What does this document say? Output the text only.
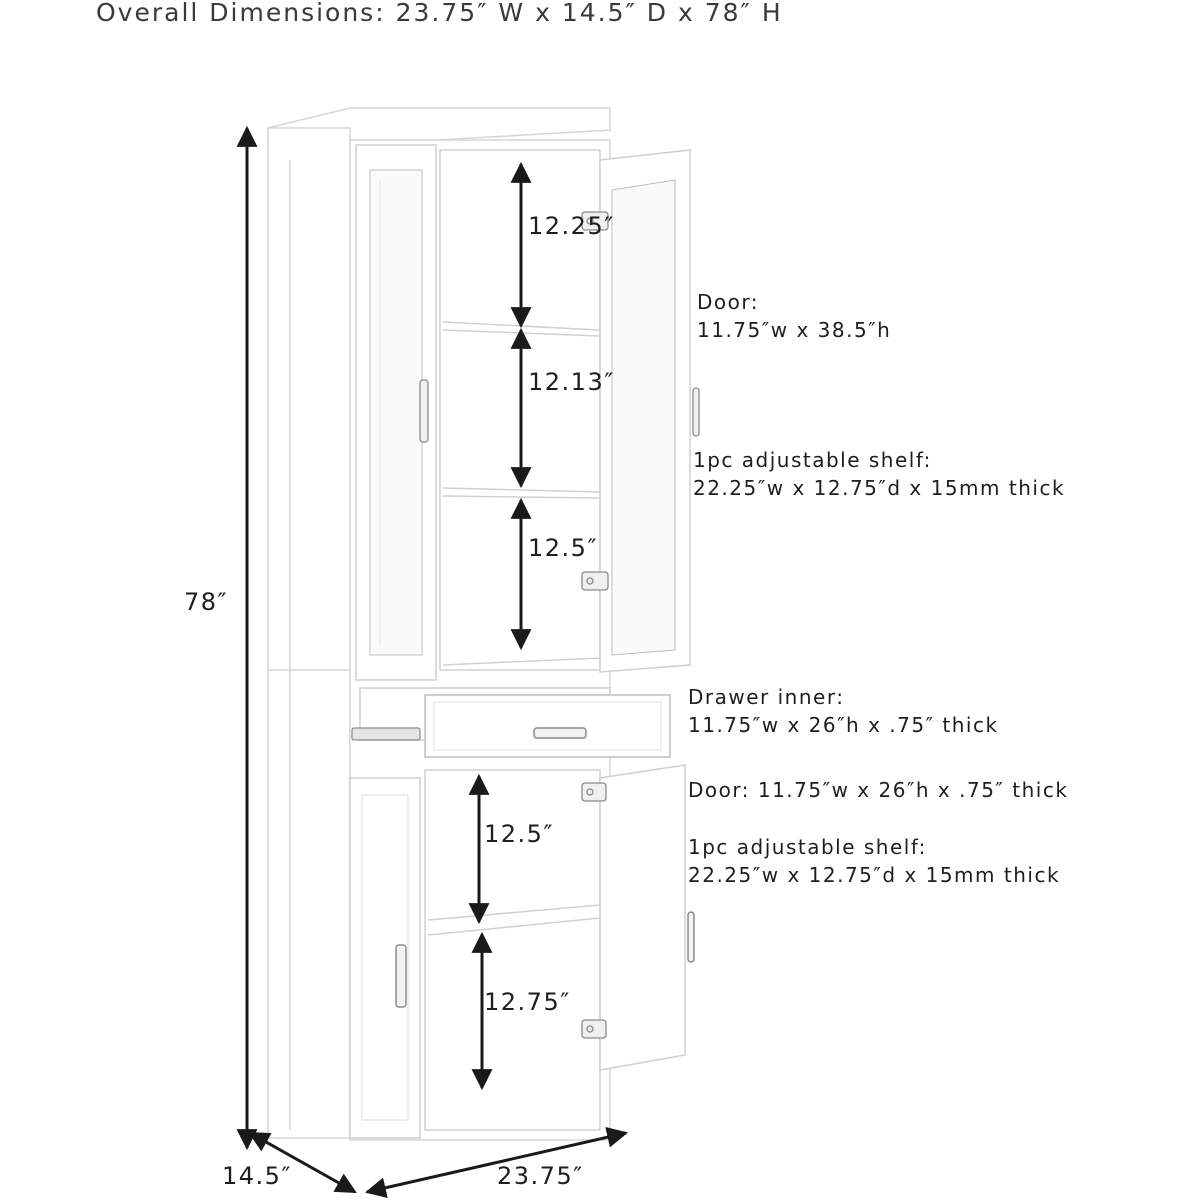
Overall Dimensions: 23.75″ W x 14.5″ D x 78″ H

78″

14.5″	23.75″

12.25″

12.13″

12.5″

12.5″

12.75″

Door:
11.75″w x 38.5″h
1pc adjustable shelf:
22.25″w x 12.75″d x 15mm thick
Drawer inner:
11.75″w x 26″h x .75″ thick
Door: 11.75″w x 26″h x .75″ thick
1pc adjustable shelf:
22.25″w x 12.75″d x 15mm thick
